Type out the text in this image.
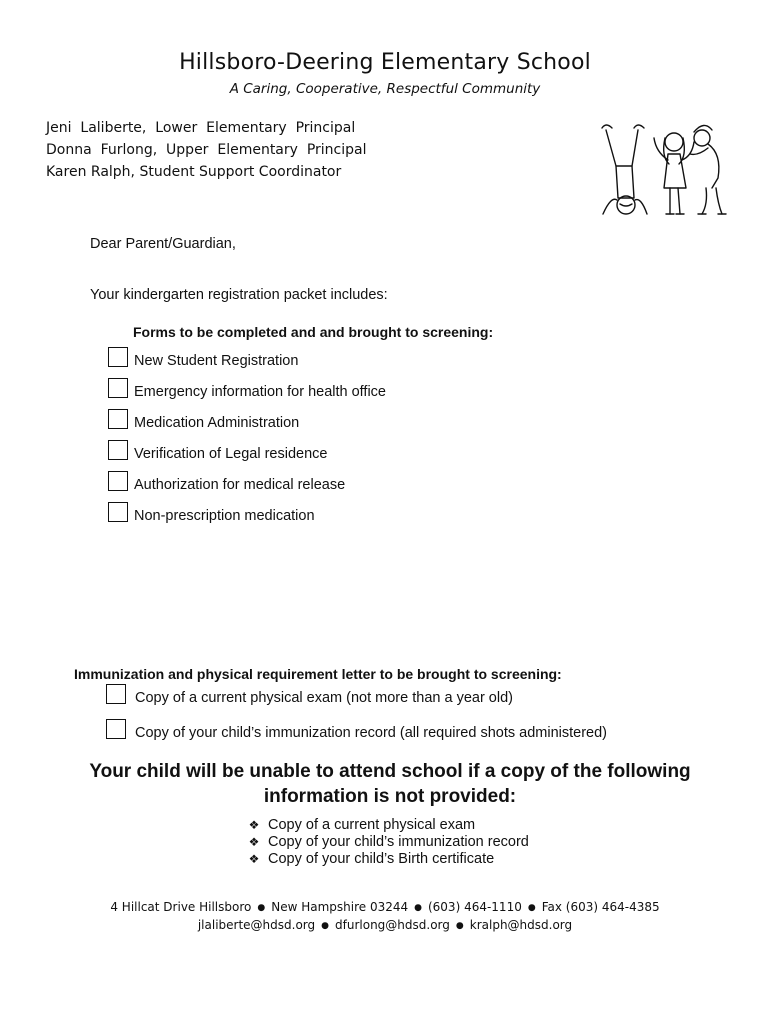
Hillsboro-Deering Elementary School
A Caring, Cooperative, Respectful Community
Jeni  Laliberte,  Lower  Elementary  Principal
Donna  Furlong,  Upper  Elementary  Principal
Karen Ralph, Student Support Coordinator
Dear Parent/Guardian,
Your kindergarten registration packet includes:
Forms to be completed and and brought to screening:
New Student Registration
Emergency information for health office
Medication Administration
Verification of Legal residence
Authorization for medical release
Non-prescription medication
Immunization and physical requirement letter to be brought to screening:
Copy of a current physical exam (not more than a year old)
Copy of your child’s immunization record (all required shots administered)
Your child will be unable to attend school if a copy of the following
information is not provided:
❖ Copy of a current physical exam
❖ Copy of your child’s immunization record
❖ Copy of your child’s Birth certificate
4 Hillcat Drive Hillsboro ● New Hampshire 03244 ● (603) 464-1110 ● Fax (603) 464-4385
jlaliberte@hdsd.org ● dfurlong@hdsd.org ● kralph@hdsd.org
